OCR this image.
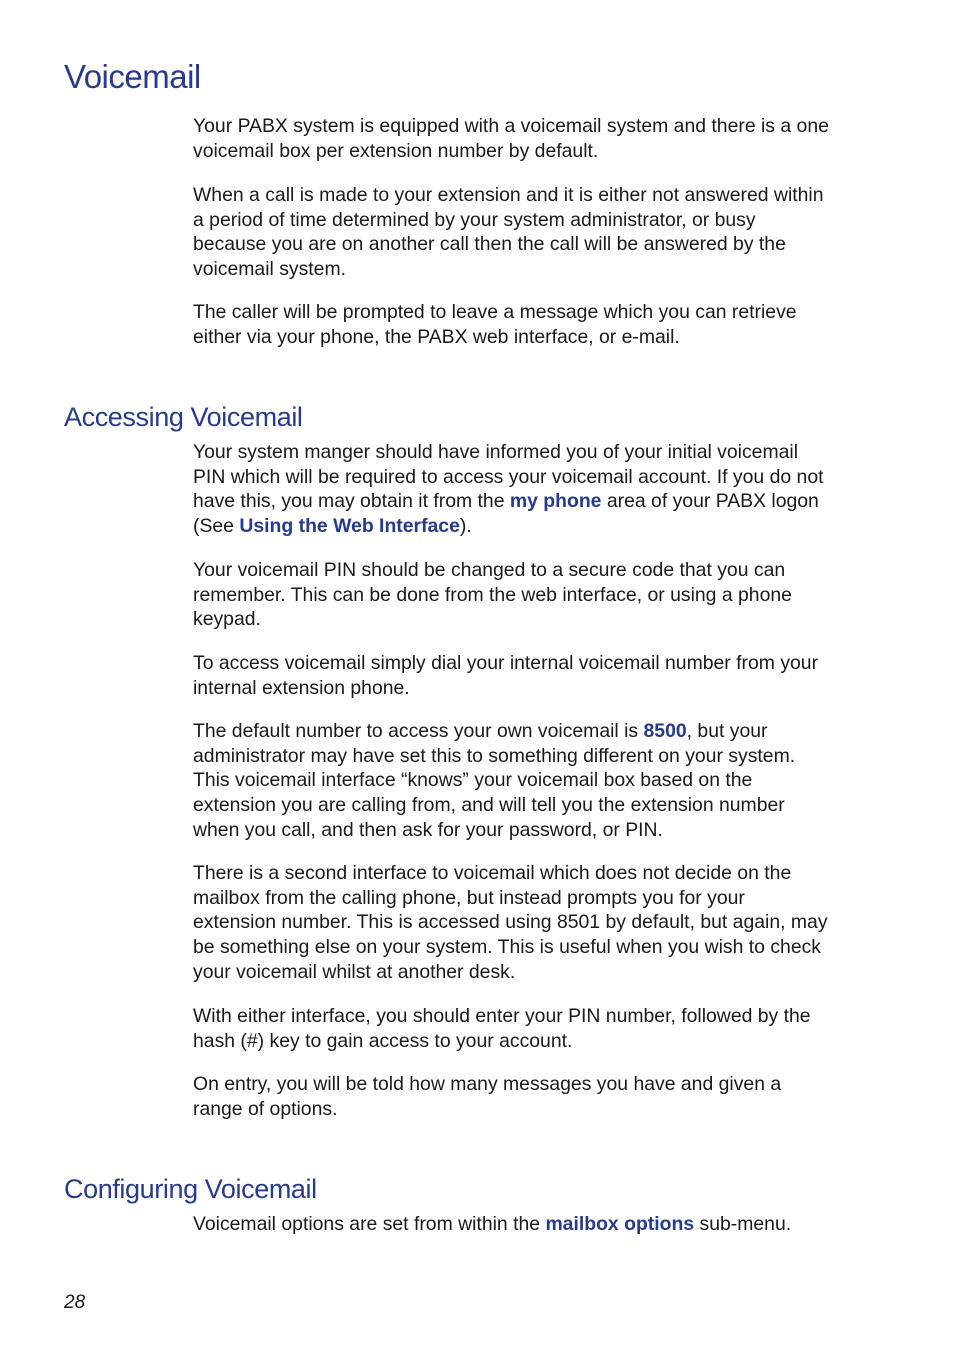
Voicemail

Your PABX system is equipped with a voicemail system and there is a one voicemail box per extension number by default.

When a call is made to your extension and it is either not answered within a period of time determined by your system administrator, or busy because you are on another call then the call will be answered by the voicemail system.

The caller will be prompted to leave a message which you can retrieve either via your phone, the PABX web interface, or e-mail.

Accessing Voicemail

Your system manger should have informed you of your initial voicemail PIN which will be required to access your voicemail account. If you do not have this, you may obtain it from the my phone area of your PABX logon (See Using the Web Interface).

Your voicemail PIN should be changed to a secure code that you can remember. This can be done from the web interface, or using a phone keypad.

To access voicemail simply dial your internal voicemail number from your internal extension phone.

The default number to access your own voicemail is 8500, but your administrator may have set this to something different on your system. This voicemail interface “knows” your voicemail box based on the extension you are calling from, and will tell you the extension number when you call, and then ask for your password, or PIN.

There is a second interface to voicemail which does not decide on the mailbox from the calling phone, but instead prompts you for your extension number. This is accessed using 8501 by default, but again, may be something else on your system. This is useful when you wish to check your voicemail whilst at another desk.

With either interface, you should enter your PIN number, followed by the hash (#) key to gain access to your account.

On entry, you will be told how many messages you have and given a range of options.

Configuring Voicemail

Voicemail options are set from within the mailbox options sub-menu.

28
